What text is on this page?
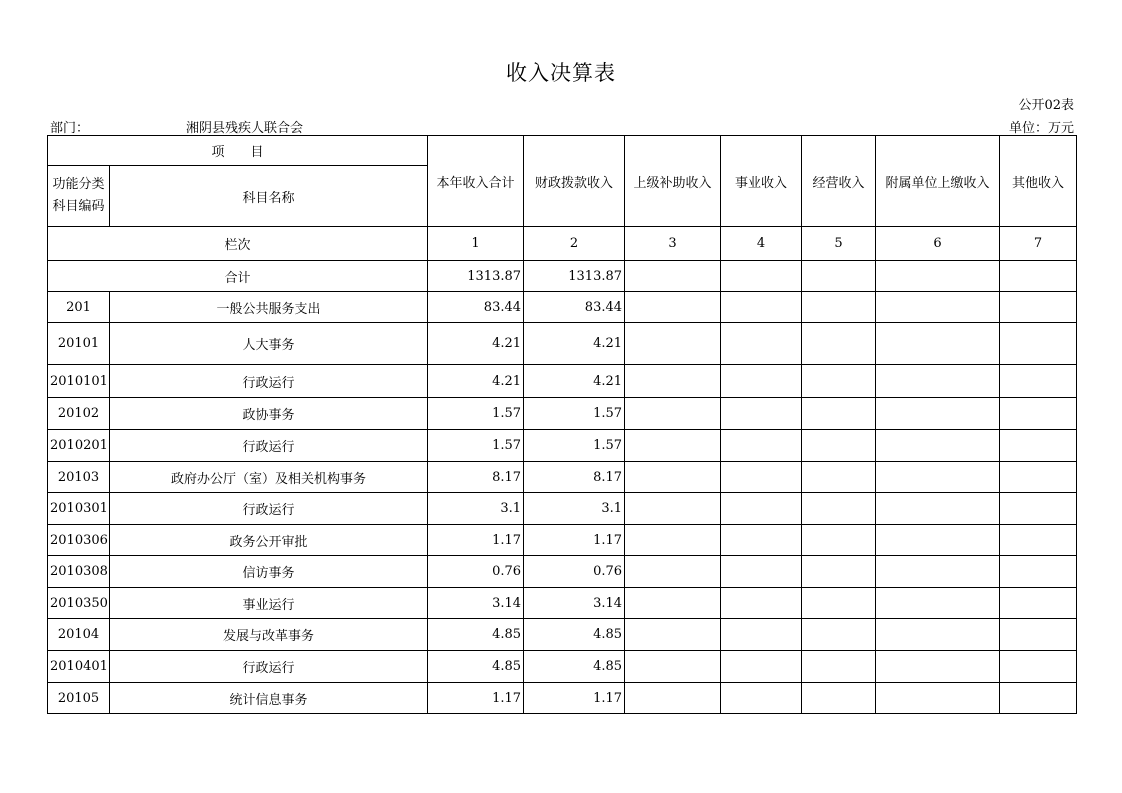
收入决算表
公开02表
部门：	湘阴县残疾人联合会	单位：万元
项　　目		本年收入合计	财政拨款收入	上级补助收入	事业收入	经营收入	附属单位上缴收入	其他收入
功能分类科目编码	科目名称							
栏次		1	2	3	4	5	6	7
合计		1313.87	1313.87					
201	一般公共服务支出	83.44	83.44					
20101	人大事务	4.21	4.21					
2010101	行政运行	4.21	4.21					
20102	政协事务	1.57	1.57					
2010201	行政运行	1.57	1.57					
20103	政府办公厅（室）及相关机构事务	8.17	8.17					
2010301	行政运行	3.1	3.1					
2010306	政务公开审批	1.17	1.17					
2010308	信访事务	0.76	0.76					
2010350	事业运行	3.14	3.14					
20104	发展与改革事务	4.85	4.85					
2010401	行政运行	4.85	4.85					
20105	统计信息事务	1.17	1.17					
